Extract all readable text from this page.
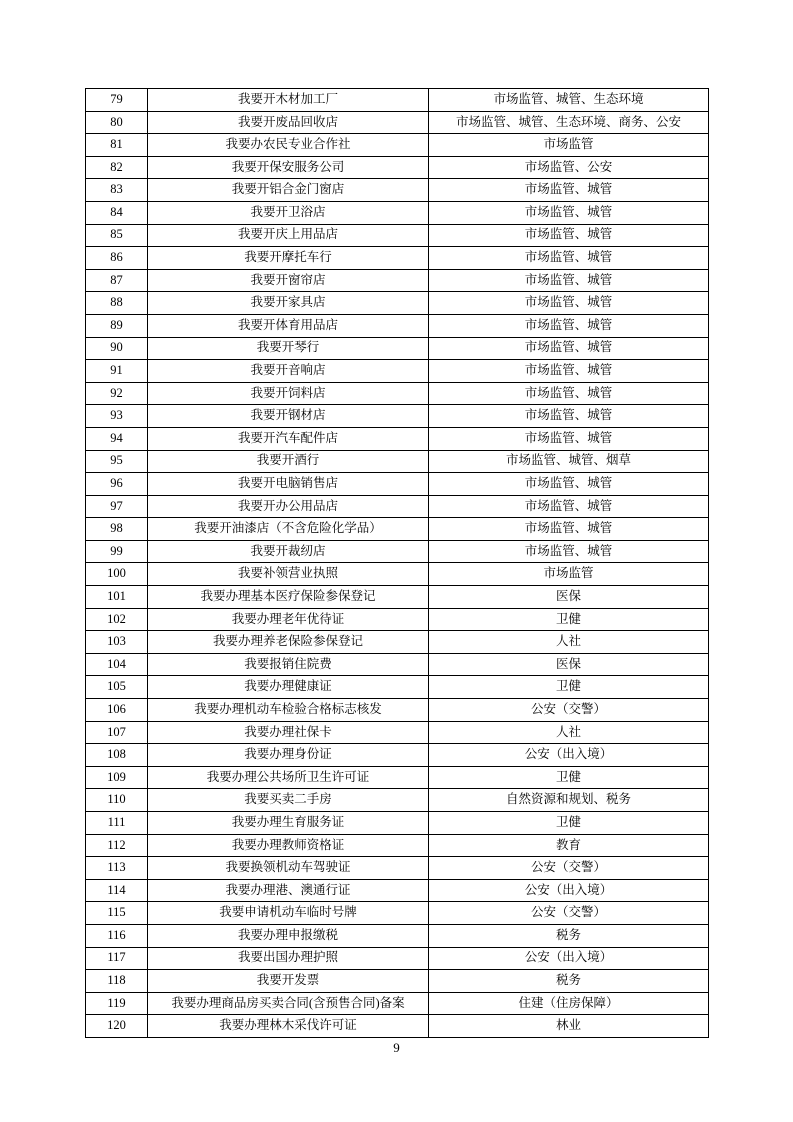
79	我要开木材加工厂	市场监管、城管、生态环境
80	我要开废品回收店	市场监管、城管、生态环境、商务、公安
81	我要办农民专业合作社	市场监管
82	我要开保安服务公司	市场监管、公安
83	我要开铝合金门窗店	市场监管、城管
84	我要开卫浴店	市场监管、城管
85	我要开庆上用品店	市场监管、城管
86	我要开摩托车行	市场监管、城管
87	我要开窗帘店	市场监管、城管
88	我要开家具店	市场监管、城管
89	我要开体育用品店	市场监管、城管
90	我要开琴行	市场监管、城管
91	我要开音响店	市场监管、城管
92	我要开饲料店	市场监管、城管
93	我要开钢材店	市场监管、城管
94	我要开汽车配件店	市场监管、城管
95	我要开酒行	市场监管、城管、烟草
96	我要开电脑销售店	市场监管、城管
97	我要开办公用品店	市场监管、城管
98	我要开油漆店（不含危险化学品）	市场监管、城管
99	我要开裁纫店	市场监管、城管
100	我要补领营业执照	市场监管
101	我要办理基本医疗保险参保登记	医保
102	我要办理老年优待证	卫健
103	我要办理养老保险参保登记	人社
104	我要报销住院费	医保
105	我要办理健康证	卫健
106	我要办理机动车检验合格标志核发	公安（交警）
107	我要办理社保卡	人社
108	我要办理身份证	公安（出入境）
109	我要办理公共场所卫生许可证	卫健
110	我要买卖二手房	自然资源和规划、税务
111	我要办理生育服务证	卫健
112	我要办理教师资格证	教育
113	我要换领机动车驾驶证	公安（交警）
114	我要办理港、澳通行证	公安（出入境）
115	我要申请机动车临时号牌	公安（交警）
116	我要办理申报缴税	税务
117	我要出国办理护照	公安（出入境）
118	我要开发票	税务
119	我要办理商品房买卖合同(含预售合同)备案	住建（住房保障）
120	我要办理林木采伐许可证	林业
9
